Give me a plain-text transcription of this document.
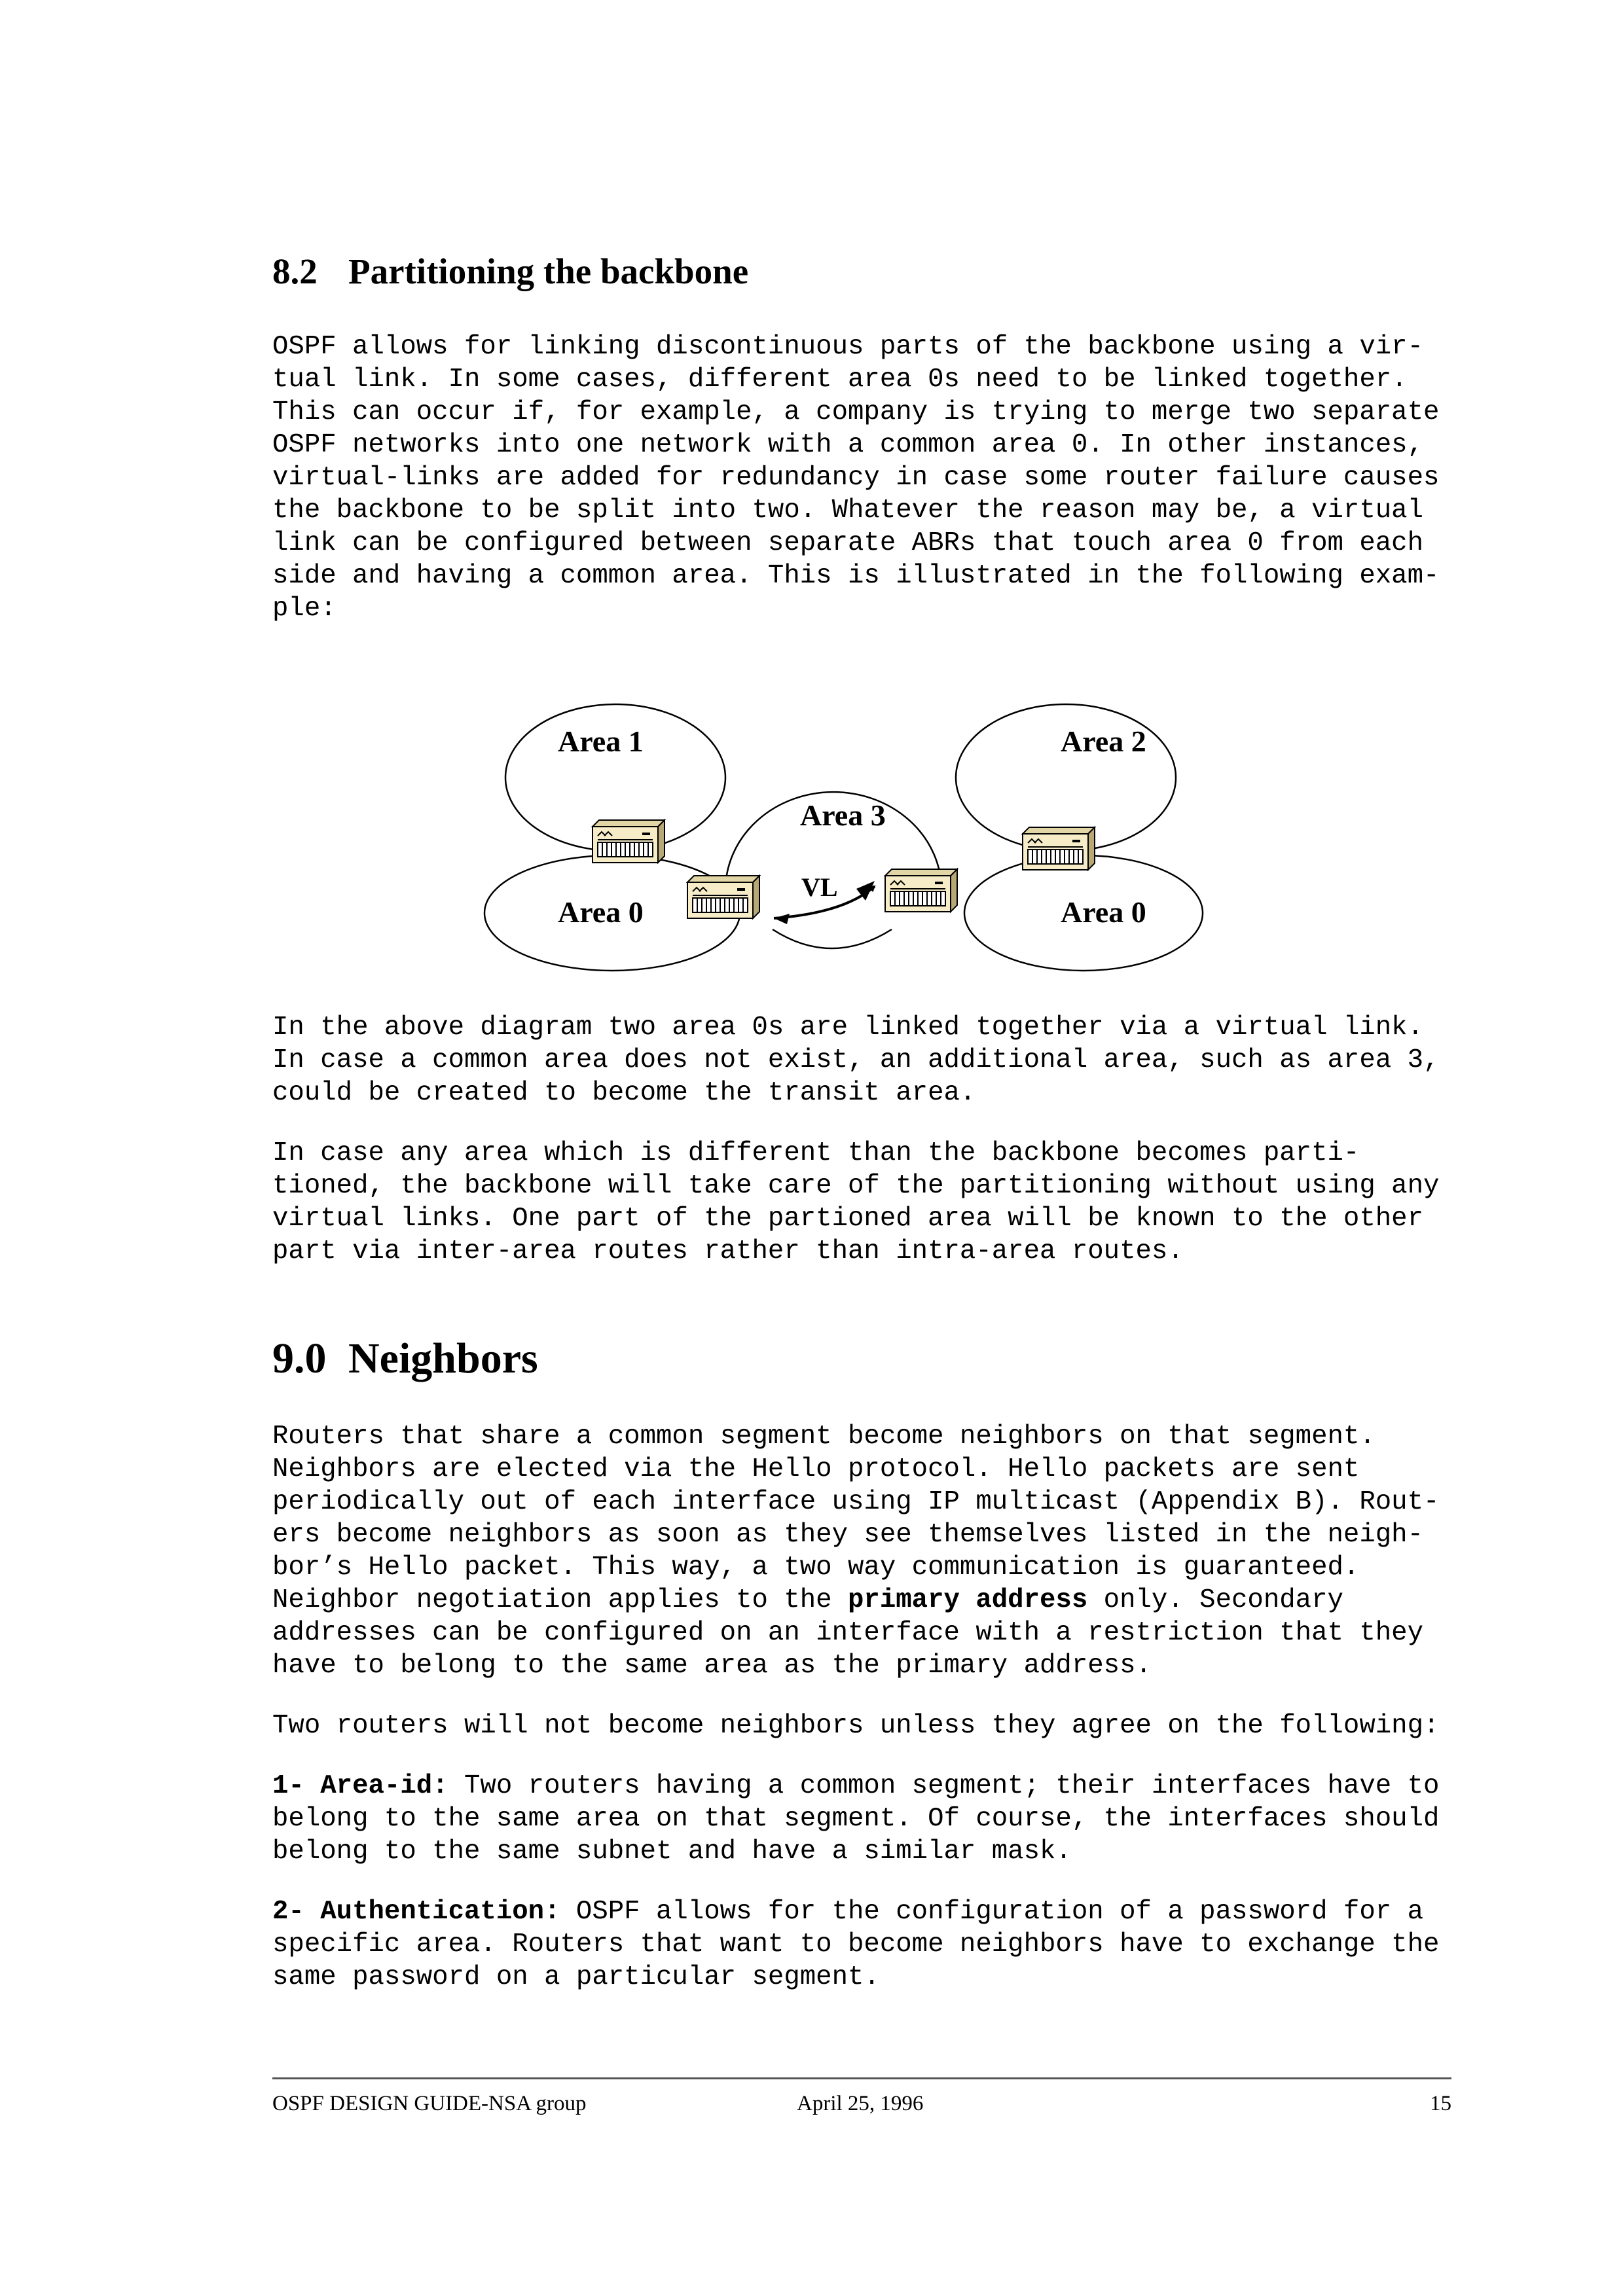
8.2 Partitioning the backbone
OSPF allows for linking discontinuous parts of the backbone using a vir-
tual link. In some cases, different area 0s need to be linked together.
This can occur if, for example, a company is trying to merge two separate
OSPF networks into one network with a common area 0. In other instances,
virtual-links are added for redundancy in case some router failure causes
the backbone to be split into two. Whatever the reason may be, a virtual
link can be configured between separate ABRs that touch area 0 from each
side and having a common area. This is illustrated in the following exam-
ple:
Area 1	Area 2
Area 3
Area 0	Area 0
VL
In the above diagram two area 0s are linked together via a virtual link.
In case a common area does not exist, an additional area, such as area 3,
could be created to become the transit area.
In case any area which is different than the backbone becomes parti-
tioned, the backbone will take care of the partitioning without using any
virtual links. One part of the partioned area will be known to the other
part via inter-area routes rather than intra-area routes.
9.0 Neighbors
Routers that share a common segment become neighbors on that segment.
Neighbors are elected via the Hello protocol. Hello packets are sent
periodically out of each interface using IP multicast (Appendix B). Rout-
ers become neighbors as soon as they see themselves listed in the neigh-
bor’s Hello packet. This way, a two way communication is guaranteed.
Neighbor negotiation applies to the primary address only. Secondary
addresses can be configured on an interface with a restriction that they
have to belong to the same area as the primary address.
Two routers will not become neighbors unless they agree on the following:
1- Area-id: Two routers having a common segment; their interfaces have to
belong to the same area on that segment. Of course, the interfaces should
belong to the same subnet and have a similar mask.
2- Authentication: OSPF allows for the configuration of a password for a
specific area. Routers that want to become neighbors have to exchange the
same password on a particular segment.
OSPF DESIGN GUIDE-NSA group	April 25, 1996	15
